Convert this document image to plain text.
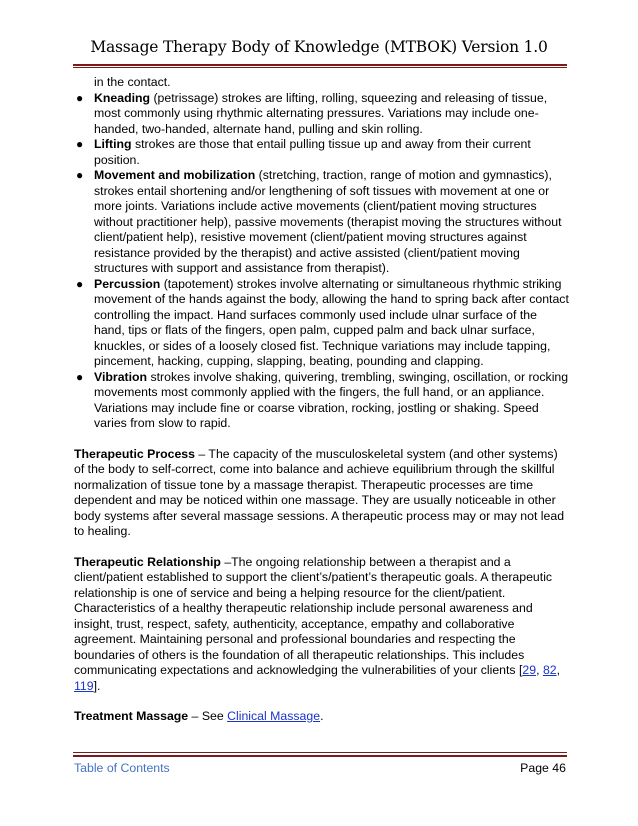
Massage Therapy Body of Knowledge (MTBOK) Version 1.0
in the contact.
● Kneading (petrissage) strokes are lifting, rolling, squeezing and releasing of tissue, most commonly using rhythmic alternating pressures. Variations may include one-handed, two-handed, alternate hand, pulling and skin rolling.
● Lifting strokes are those that entail pulling tissue up and away from their current position.
● Movement and mobilization (stretching, traction, range of motion and gymnastics), strokes entail shortening and/or lengthening of soft tissues with movement at one or more joints. Variations include active movements (client/patient moving structures without practitioner help), passive movements (therapist moving the structures without client/patient help), resistive movement (client/patient moving structures against resistance provided by the therapist) and active assisted (client/patient moving structures with support and assistance from therapist).
● Percussion (tapotement) strokes involve alternating or simultaneous rhythmic striking movement of the hands against the body, allowing the hand to spring back after contact controlling the impact. Hand surfaces commonly used include ulnar surface of the hand, tips or flats of the fingers, open palm, cupped palm and back ulnar surface, knuckles, or sides of a loosely closed fist. Technique variations may include tapping, pincement, hacking, cupping, slapping, beating, pounding and clapping.
● Vibration strokes involve shaking, quivering, trembling, swinging, oscillation, or rocking movements most commonly applied with the fingers, the full hand, or an appliance. Variations may include fine or coarse vibration, rocking, jostling or shaking. Speed varies from slow to rapid.
Therapeutic Process – The capacity of the musculoskeletal system (and other systems) of the body to self-correct, come into balance and achieve equilibrium through the skillful normalization of tissue tone by a massage therapist. Therapeutic processes are time dependent and may be noticed within one massage. They are usually noticeable in other body systems after several massage sessions. A therapeutic process may or may not lead to healing.
Therapeutic Relationship –The ongoing relationship between a therapist and a client/patient established to support the client’s/patient’s therapeutic goals. A therapeutic relationship is one of service and being a helping resource for the client/patient. Characteristics of a healthy therapeutic relationship include personal awareness and insight, trust, respect, safety, authenticity, acceptance, empathy and collaborative agreement. Maintaining personal and professional boundaries and respecting the boundaries of others is the foundation of all therapeutic relationships. This includes communicating expectations and acknowledging the vulnerabilities of your clients [29, 82, 119].
Treatment Massage – See Clinical Massage.
Table of Contents	Page 46
